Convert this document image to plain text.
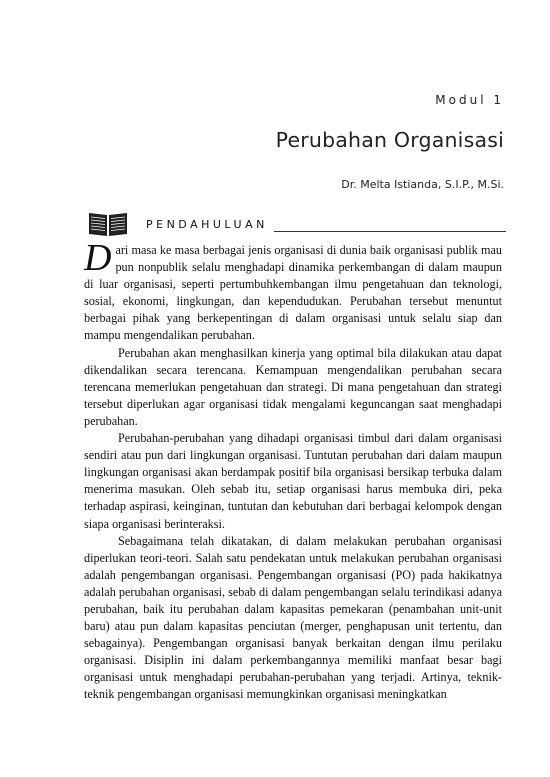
Modul 1
Perubahan Organisasi
Dr. Melta Istianda, S.I.P., M.Si.
PENDAHULUAN

Dari masa ke masa berbagai jenis organisasi di dunia baik organisasi publik mau pun nonpublik selalu menghadapi dinamika perkembangan di dalam maupun di luar organisasi, seperti pertumbuhkembangan ilmu pengetahuan dan teknologi, sosial, ekonomi, lingkungan, dan kependudukan. Perubahan tersebut menuntut berbagai pihak yang berkepentingan di dalam organisasi untuk selalu siap dan mampu mengendalikan perubahan.

Perubahan akan menghasilkan kinerja yang optimal bila dilakukan atau dapat dikendalikan secara terencana. Kemampuan mengendalikan perubahan secara terencana memerlukan pengetahuan dan strategi. Di mana pengetahuan dan strategi tersebut diperlukan agar organisasi tidak mengalami keguncangan saat menghadapi perubahan.

Perubahan-perubahan yang dihadapi organisasi timbul dari dalam organisasi sendiri atau pun dari lingkungan organisasi. Tuntutan perubahan dari dalam maupun lingkungan organisasi akan berdampak positif bila organisasi bersikap terbuka dalam menerima masukan. Oleh sebab itu, setiap organisasi harus membuka diri, peka terhadap aspirasi, keinginan, tuntutan dan kebutuhan dari berbagai kelompok dengan siapa organisasi berinteraksi.

Sebagaimana telah dikatakan, di dalam melakukan perubahan organisasi diperlukan teori-teori. Salah satu pendekatan untuk melakukan perubahan organisasi adalah pengembangan organisasi. Pengembangan organisasi (PO) pada hakikatnya adalah perubahan organisasi, sebab di dalam pengembangan selalu terindikasi adanya perubahan, baik itu perubahan dalam kapasitas pemekaran (penambahan unit-unit baru) atau pun dalam kapasitas penciutan (merger, penghapusan unit tertentu, dan sebagainya). Pengembangan organisasi banyak berkaitan dengan ilmu perilaku organisasi. Disiplin ini dalam perkembangannya memiliki manfaat besar bagi organisasi untuk menghadapi perubahan-perubahan yang terjadi. Artinya, teknik-teknik pengembangan organisasi memungkinkan organisasi meningkatkan
